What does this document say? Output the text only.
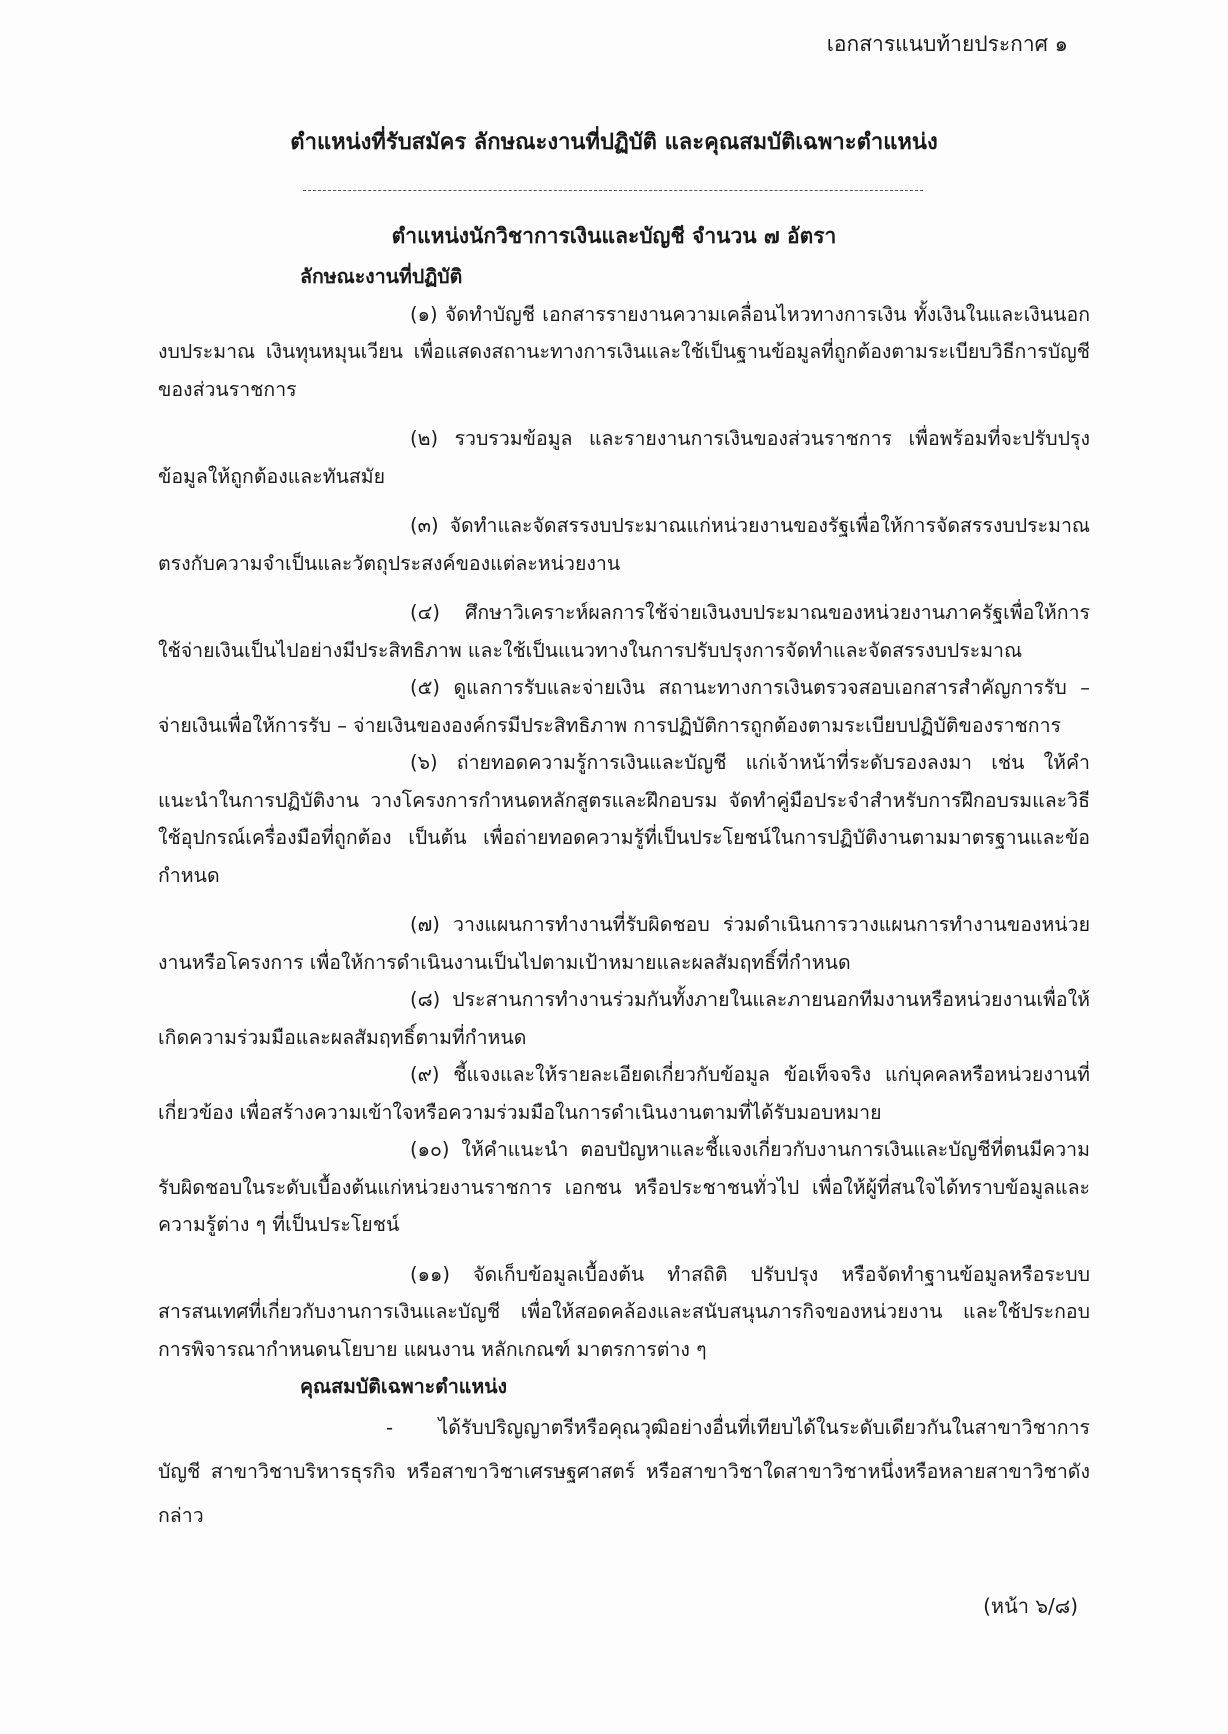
เอกสารแนบท้ายประกาศ ๑
ตำแหน่งที่รับสมัคร ลักษณะงานที่ปฏิบัติ และคุณสมบัติเฉพาะตำแหน่ง
ตำแหน่งนักวิชาการเงินและบัญชี จำนวน ๗ อัตรา

ลักษณะงานที่ปฏิบัติ

(๑) จัดทำบัญชี เอกสารรายงานความเคลื่อนไหวทางการเงิน ทั้งเงินในและเงินนอกงบประมาณ เงินทุนหมุนเวียน เพื่อแสดงสถานะทางการเงินและใช้เป็นฐานข้อมูลที่ถูกต้องตามระเบียบวิธีการบัญชีของส่วนราชการ

(๒) รวบรวมข้อมูล และรายงานการเงินของส่วนราชการ เพื่อพร้อมที่จะปรับปรุงข้อมูลให้ถูกต้องและทันสมัย

(๓) จัดทำและจัดสรรงบประมาณแก่หน่วยงานของรัฐเพื่อให้การจัดสรรงบประมาณตรงกับความจำเป็นและวัตถุประสงค์ของแต่ละหน่วยงาน

(๔) ศึกษาวิเคราะห์ผลการใช้จ่ายเงินงบประมาณของหน่วยงานภาครัฐเพื่อให้การใช้จ่ายเงินเป็นไปอย่างมีประสิทธิภาพ และใช้เป็นแนวทางในการปรับปรุงการจัดทำและจัดสรรงบประมาณ

(๕) ดูแลการรับและจ่ายเงิน สถานะทางการเงินตรวจสอบเอกสารสำคัญการรับ – จ่ายเงินเพื่อให้การรับ – จ่ายเงินขององค์กรมีประสิทธิภาพ การปฏิบัติการถูกต้องตามระเบียบปฏิบัติของราชการ

(๖) ถ่ายทอดความรู้การเงินและบัญชี แก่เจ้าหน้าที่ระดับรองลงมา เช่น ให้คำแนะนำในการปฏิบัติงาน วางโครงการกำหนดหลักสูตรและฝึกอบรม จัดทำคู่มือประจำสำหรับการฝึกอบรมและวิธีใช้อุปกรณ์เครื่องมือที่ถูกต้อง เป็นต้น เพื่อถ่ายทอดความรู้ที่เป็นประโยชน์ในการปฏิบัติงานตามมาตรฐานและข้อกำหนด

(๗) วางแผนการทำงานที่รับผิดชอบ ร่วมดำเนินการวางแผนการทำงานของหน่วยงานหรือโครงการ เพื่อให้การดำเนินงานเป็นไปตามเป้าหมายและผลสัมฤทธิ์ที่กำหนด

(๘) ประสานการทำงานร่วมกันทั้งภายในและภายนอกทีมงานหรือหน่วยงานเพื่อให้เกิดความร่วมมือและผลสัมฤทธิ์ตามที่กำหนด

(๙) ชี้แจงและให้รายละเอียดเกี่ยวกับข้อมูล ข้อเท็จจริง แก่บุคคลหรือหน่วยงานที่เกี่ยวข้อง เพื่อสร้างความเข้าใจหรือความร่วมมือในการดำเนินงานตามที่ได้รับมอบหมาย

(๑๐) ให้คำแนะนำ ตอบปัญหาและชี้แจงเกี่ยวกับงานการเงินและบัญชีที่ตนมีความรับผิดชอบในระดับเบื้องต้นแก่หน่วยงานราชการ เอกชน หรือประชาชนทั่วไป เพื่อให้ผู้ที่สนใจได้ทราบข้อมูลและความรู้ต่าง ๆ ที่เป็นประโยชน์

(๑๑) จัดเก็บข้อมูลเบื้องต้น ทำสถิติ ปรับปรุง หรือจัดทำฐานข้อมูลหรือระบบสารสนเทศที่เกี่ยวกับงานการเงินและบัญชี เพื่อให้สอดคล้องและสนับสนุนภารกิจของหน่วยงาน และใช้ประกอบการพิจารณากำหนดนโยบาย แผนงาน หลักเกณฑ์ มาตรการต่าง ๆ

คุณสมบัติเฉพาะตำแหน่ง

- ได้รับปริญญาตรีหรือคุณวุฒิอย่างอื่นที่เทียบได้ในระดับเดียวกันในสาขาวิชาการบัญชี สาขาวิชาบริหารธุรกิจ หรือสาขาวิชาเศรษฐศาสตร์ หรือสาขาวิชาใดสาขาวิชาหนึ่งหรือหลายสาขาวิชาดังกล่าว

(หน้า ๖/๘)
